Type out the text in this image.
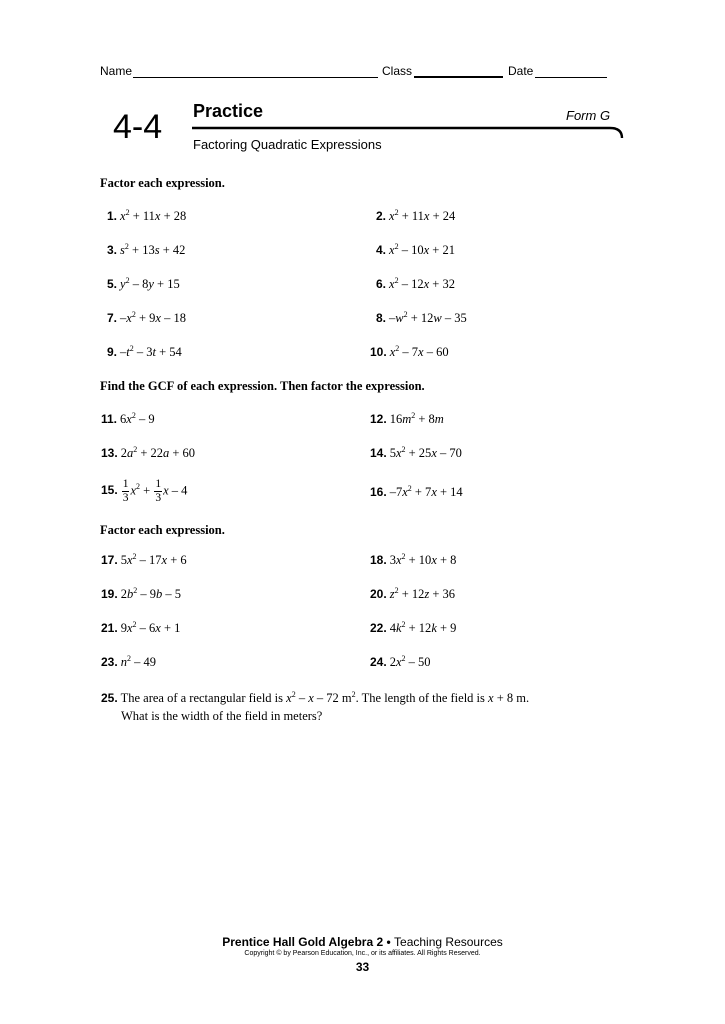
Name	Class	Date
4-4 Practice	Form G
Factoring Quadratic Expressions
Factor each expression.
1. $x^2 + 11x + 28$	2. $x^2 + 11x + 24$
3. $s^2 + 13s + 42$	4. $x^2 - 10x + 21$
5. $y^2 - 8y + 15$	6. $x^2 - 12x + 32$
7. $-x^2 + 9x - 18$	8. $-w^2 + 12w - 35$
9. $-t^2 - 3t + 54$	10. $x^2 - 7x - 60$
Find the GCF of each expression. Then factor the expression.
11. $6x^2 - 9$	12. $16m^2 + 8m$
13. $2a^2 + 22a + 60$	14. $5x^2 + 25x - 70$
15. $\frac{1}{3} x^2 + \frac{1}{3}$ x – 4	16. $-7x^2 + 7x + 14$
Factor each expression.
17. $5x^2 - 17x + 6$	18. $3x^2 + 10x + 8$
19. $2b^2 - 9b - 5$	20. $z^2 + 12z + 36$
21. $9x^2 - 6x + 1$	22. $4k^2 + 12k + 9$
23. $n^2 - 49$	24. $2x^2 - 50$
25. The area of a rectangular field is $x^2$ – x – 72 $m^2$. The length of the field is x + 8 m.
What is the width of the field in meters?
Prentice Hall Gold Algebra 2 • Teaching Resources
Copyright © by Pearson Education, Inc., or its affiliates. All Rights Reserved.
33
